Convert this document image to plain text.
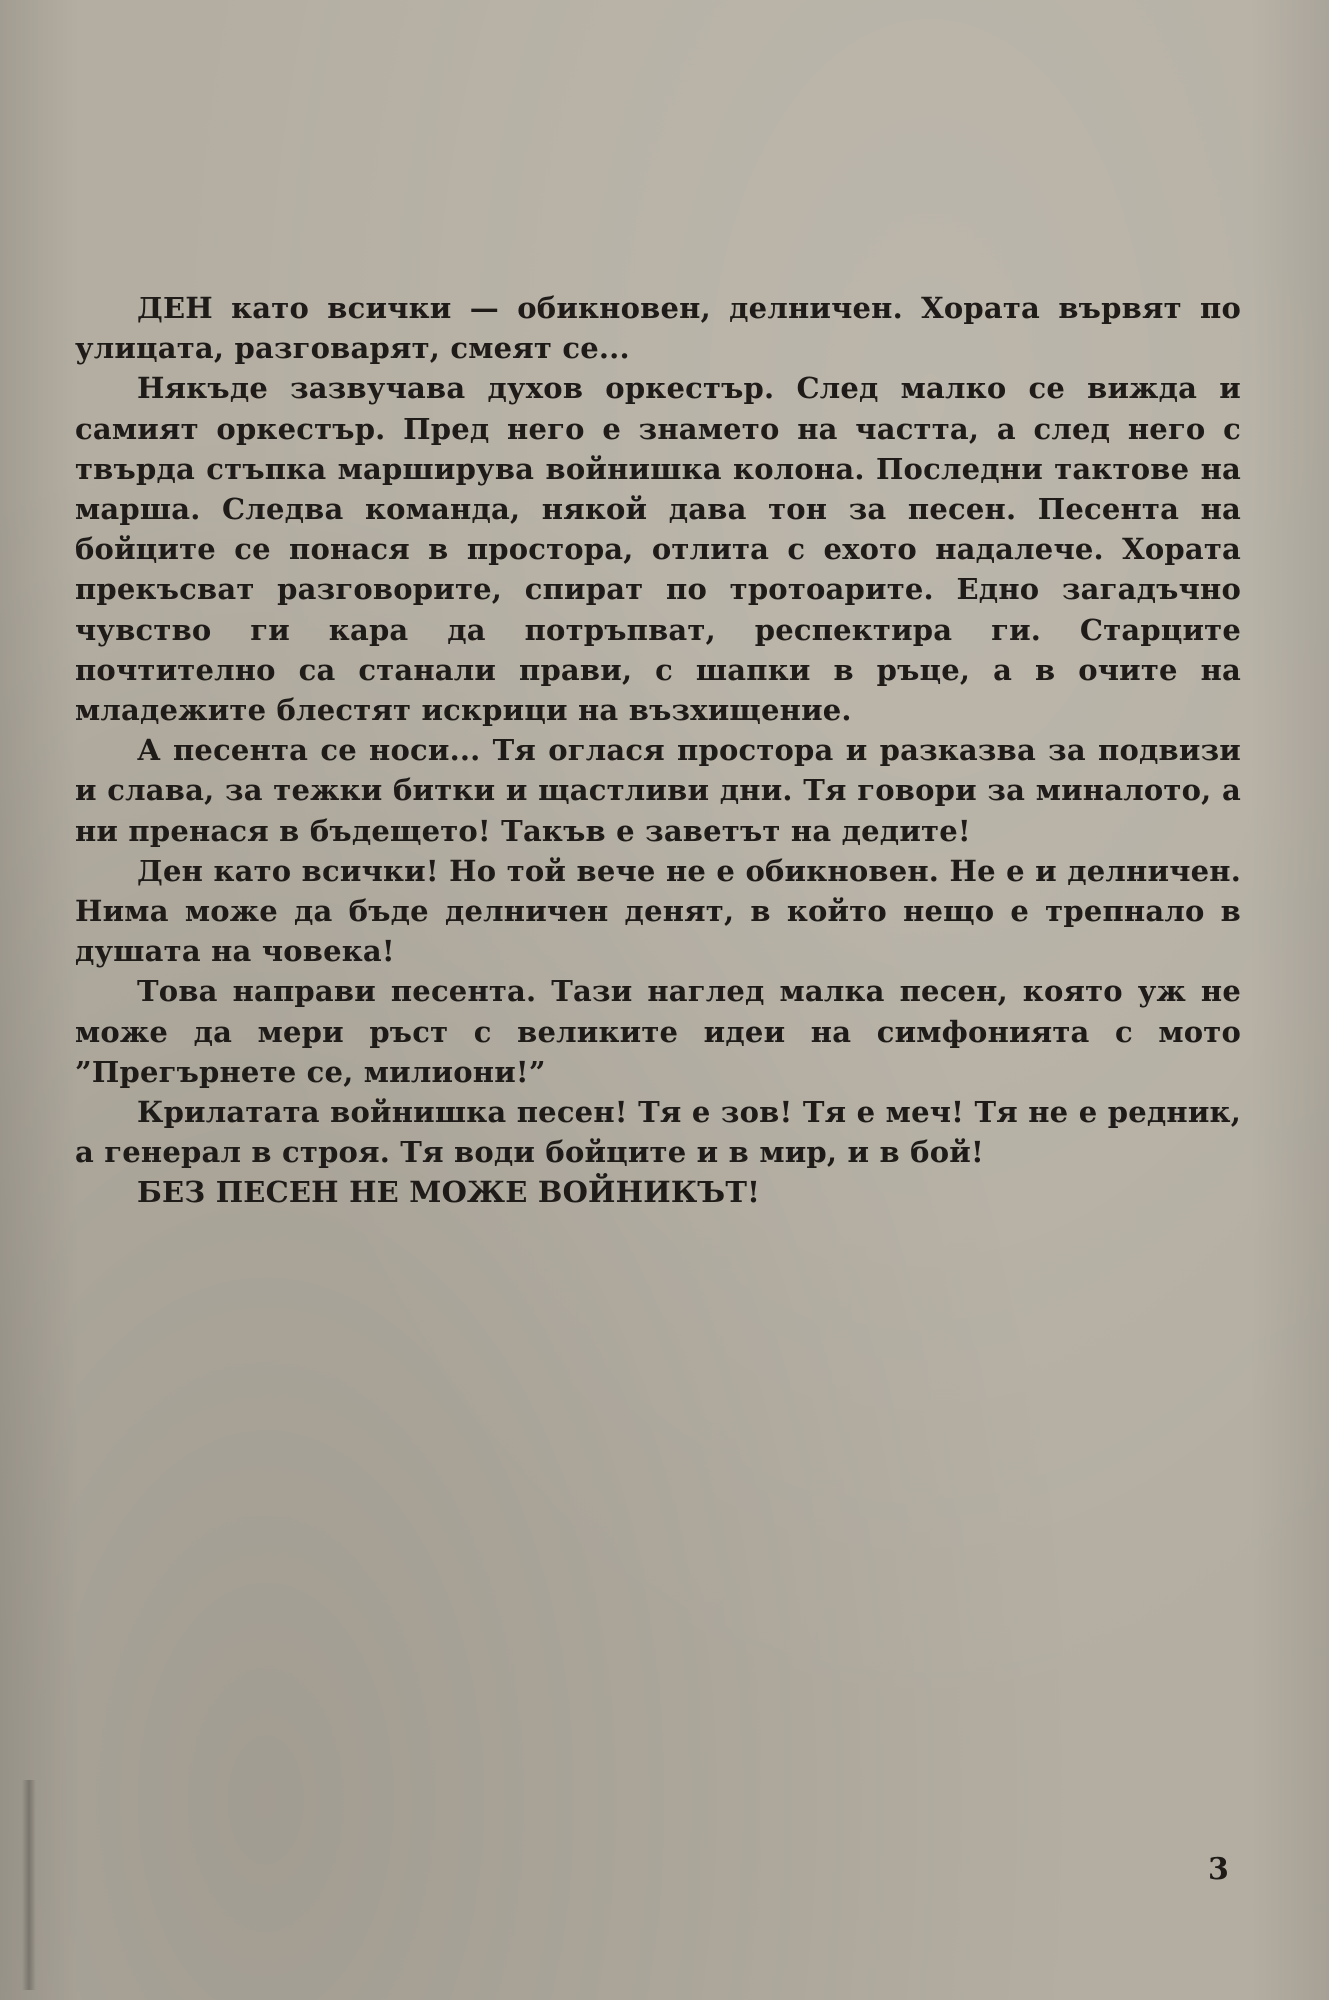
ДЕН като всички — обикновен, делничен. Хората вървят по улицата, разговарят, смеят се...

Някъде зазвучава духов оркестър. След малко се вижда и самият оркестър. Пред него е знамето на частта, а след него с твърда стъпка марширува войнишка колона. Последни тактове на марша. Следва команда, някой дава тон за песен. Песента на бойците се понася в простора, отлита с ехото надалече. Хората прекъсват разговорите, спират по тротоарите. Едно загадъчно чувство ги кара да потръпват, респектира ги. Старците почтително са станали прави, с шапки в ръце, а в очите на младежите блестят искрици на възхищение.

А песента се носи... Тя оглася простора и разказва за подвизи и слава, за тежки битки и щастливи дни. Тя говори за миналото, а ни пренася в бъдещето! Такъв е заветът на дедите!

Ден като всички! Но той вече не е обикновен. Не е и делничен. Нима може да бъде делничен денят, в който нещо е трепнало в душата на човека!

Това направи песента. Тази наглед малка песен, която уж не може да мери ръст с великите идеи на симфонията с мото ”Прегърнете се, милиони!”

Крилатата войнишка песен! Тя е зов! Тя е меч! Тя не е редник, а генерал в строя. Тя води бойците и в мир, и в бой!

БЕЗ ПЕСЕН НЕ МОЖЕ ВОЙНИКЪТ!

3
